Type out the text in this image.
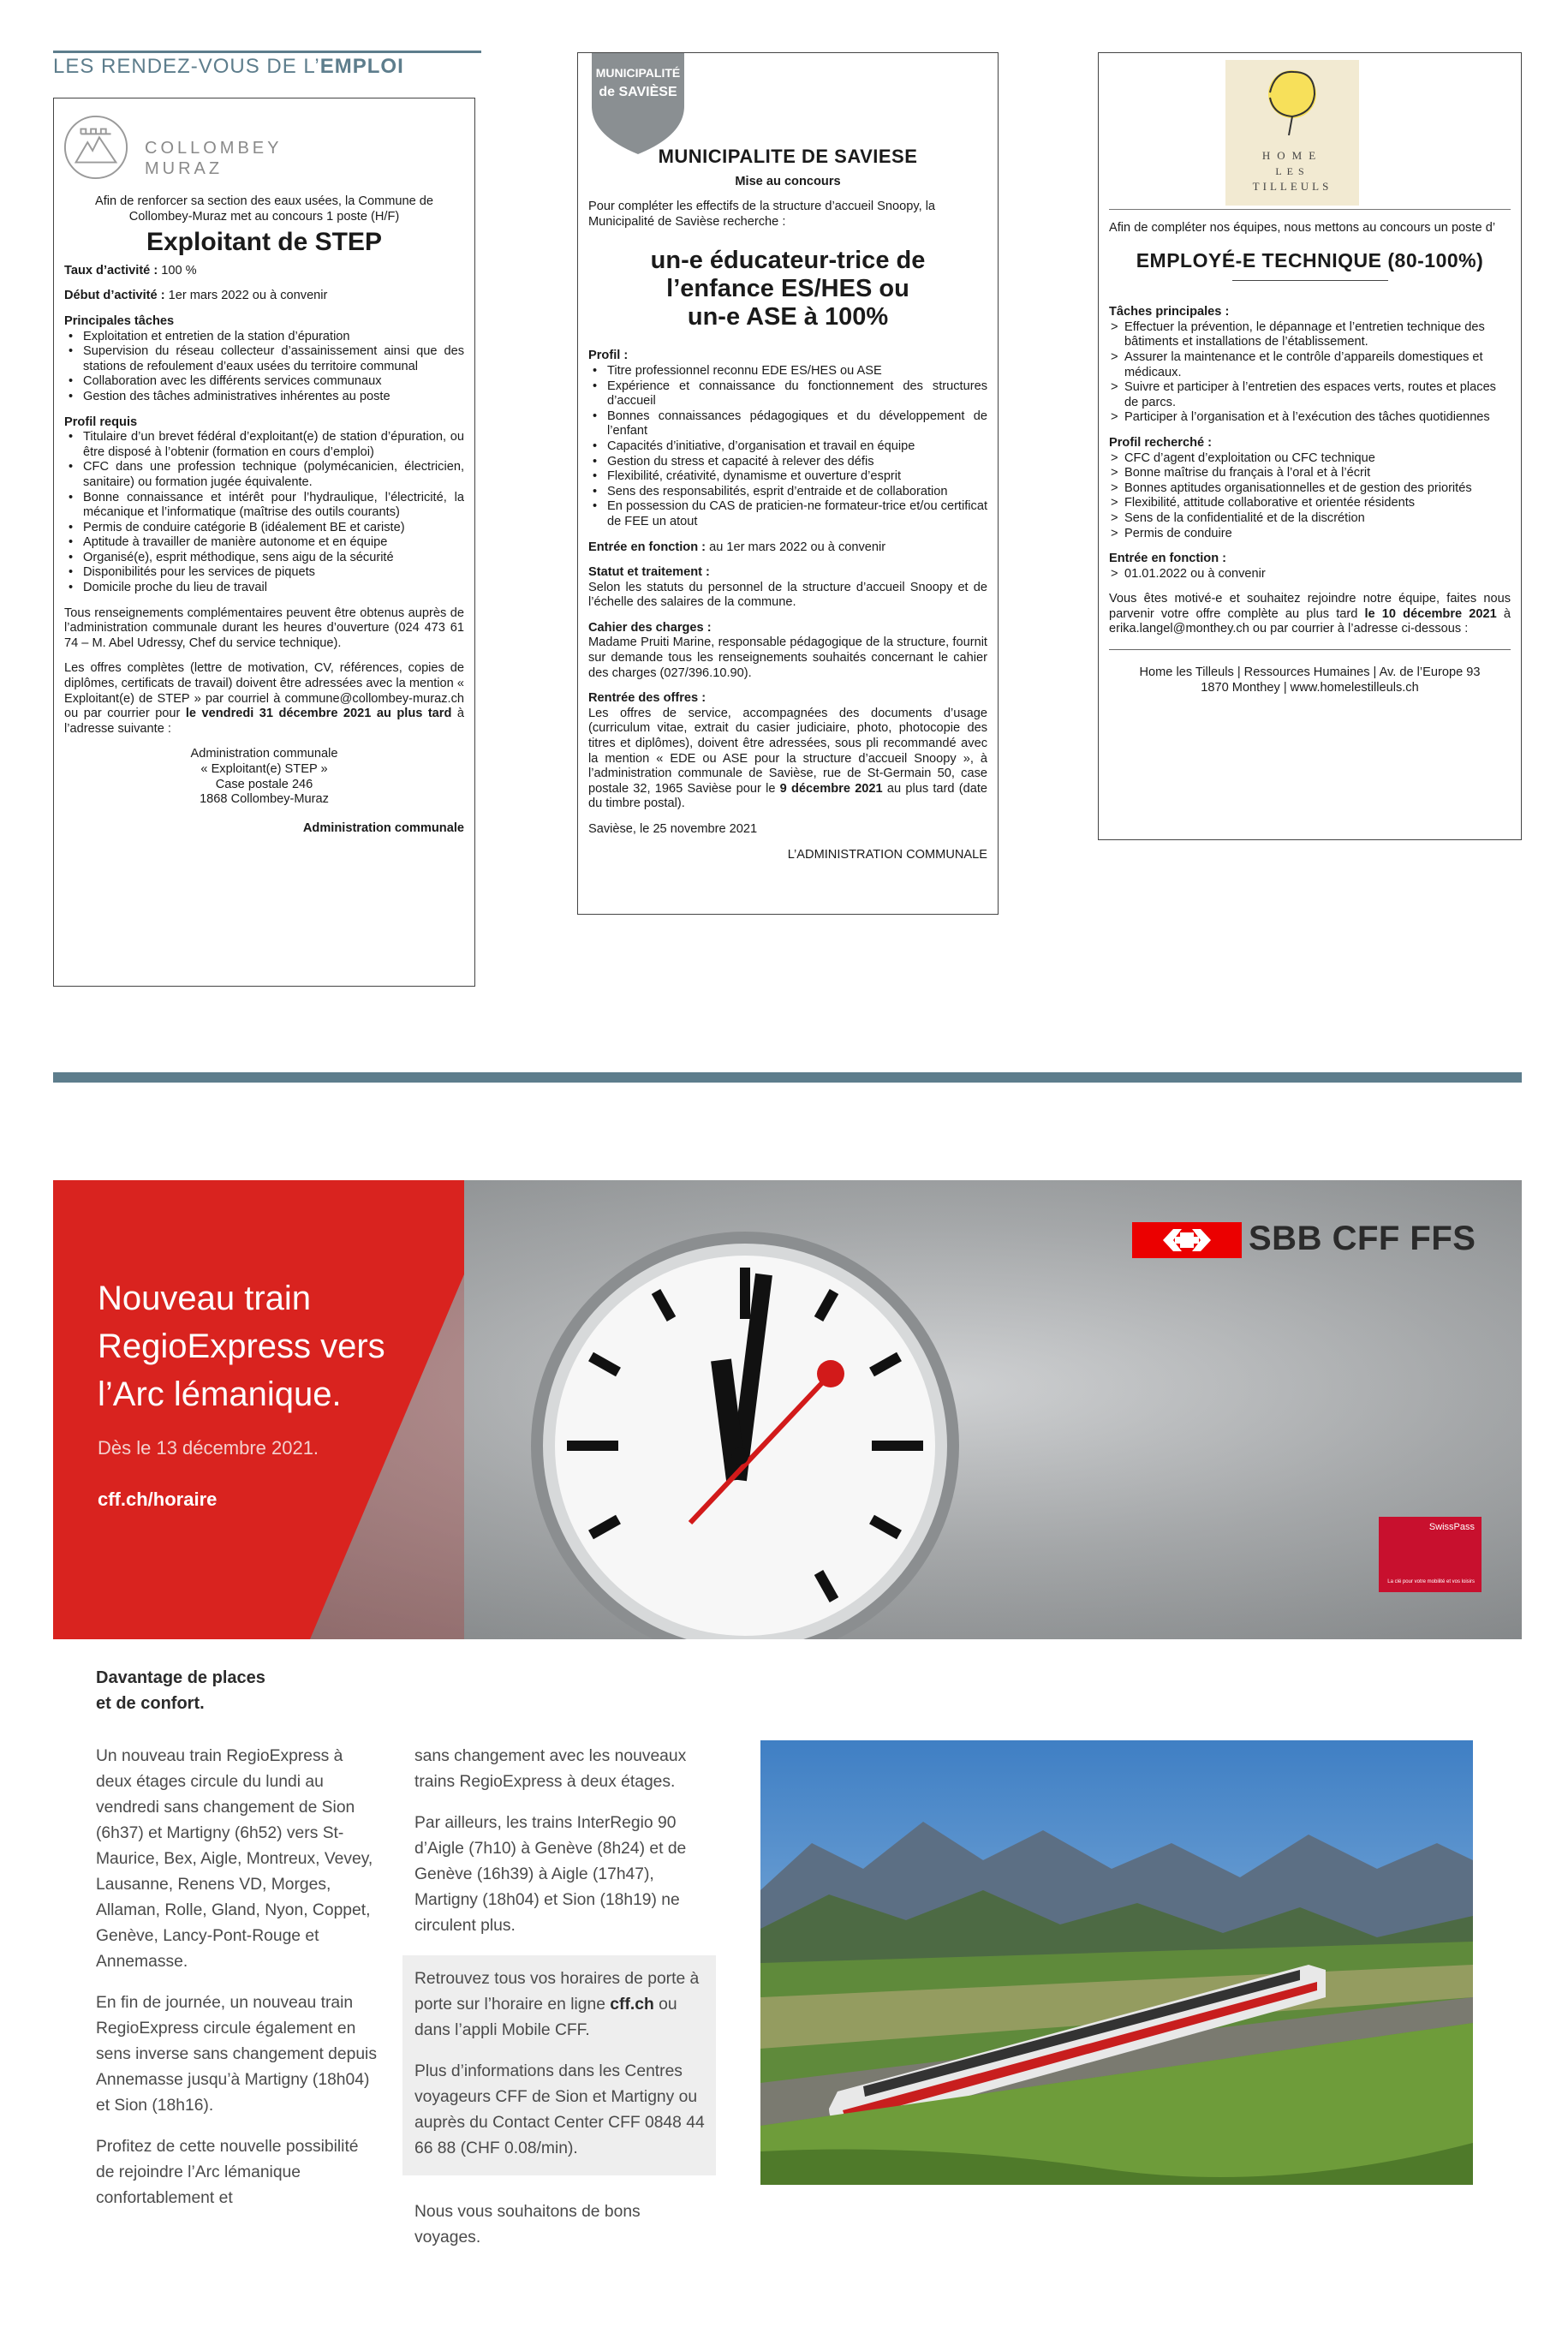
LES RENDEZ-VOUS DE L’EMPLOI
COLLOMBEY
MURAZ

Afin de renforcer sa section des eaux usées, la Commune de Collombey-Muraz met au concours 1 poste (H/F)

Exploitant de STEP

Taux d’activité : 100 %

Début d’activité : 1er mars 2022 ou à convenir

Principales tâches
• Exploitation et entretien de la station d’épuration
• Supervision du réseau collecteur d’assainissement ainsi que des stations de refoulement d’eaux usées du territoire communal
• Collaboration avec les différents services communaux
• Gestion des tâches administratives inhérentes au poste
Profil requis
• Titulaire d’un brevet fédéral d’exploitant(e) de station d’épuration, ou être disposé à l’obtenir (formation en cours d’emploi)
• CFC dans une profession technique (polymécanicien, électricien, sanitaire) ou formation jugée équivalente.
• Bonne connaissance et intérêt pour l’hydraulique, l’électricité, la mécanique et l’informatique (maîtrise des outils courants)
• Permis de conduire catégorie B (idéalement BE et cariste)
• Aptitude à travailler de manière autonome et en équipe
• Organisé(e), esprit méthodique, sens aigu de la sécurité
• Disponibilités pour les services de piquets
• Domicile proche du lieu de travail

Tous renseignements complémentaires peuvent être obtenus auprès de l’administration communale durant les heures d’ouverture (024 473 61 74 – M. Abel Udressy, Chef du service technique).

Les offres complètes (lettre de motivation, CV, références, copies de diplômes, certificats de travail) doivent être adressées avec la mention « Exploitant(e) de STEP » par courriel à commune@collombey-muraz.ch ou par courrier pour le vendredi 31 décembre 2021 au plus tard à l’adresse suivante :

Administration communale
« Exploitant(e) STEP »
Case postale 246
1868 Collombey-Muraz
Administration communale
MUNICIPALITÉ
de SAVIÈSE
MUNICIPALITE DE SAVIESE

Mise au concours

Pour compléter les effectifs de la structure d’accueil Snoopy, la Municipalité de Savièse recherche :

un-e éducateur-trice de
l’enfance ES/HES ou
un-e ASE à 100%
Profil :
• Titre professionnel reconnu EDE ES/HES ou ASE
• Expérience et connaissance du fonctionnement des structures d’accueil
• Bonnes connaissances pédagogiques et du développement de l’enfant
• Capacités d’initiative, d’organisation et travail en équipe
• Gestion du stress et capacité à relever des défis
• Flexibilité, créativité, dynamisme et ouverture d’esprit
• Sens des responsabilités, esprit d’entraide et de collaboration
• En possession du CAS de praticien-ne formateur-trice et/ou certificat de FEE un atout

Entrée en fonction : au 1er mars 2022 ou à convenir

Statut et traitement :

Selon les statuts du personnel de la structure d’accueil Snoopy et de l’échelle des salaires de la commune.

Cahier des charges :

Madame Pruiti Marine, responsable pédagogique de la structure, fournit sur demande tous les renseignements souhaités concernant le cahier des charges (027/396.10.90).

Rentrée des offres :

Les offres de service, accompagnées des documents d’usage (curriculum vitae, extrait du casier judiciaire, photo, photocopie des titres et diplômes), doivent être adressées, sous pli recommandé avec la mention « EDE ou ASE pour la structure d’accueil Snoopy », à l’administration communale de Savièse, rue de St-Germain 50, case postale 32, 1965 Savièse pour le 9 décembre 2021 au plus tard (date du timbre postal).

Savièse, le 25 novembre 2021

L’ADMINISTRATION COMMUNALE
HOME
LES
TILLEULS

Afin de compléter nos équipes, nous mettons au concours un poste d’

EMPLOYÉ-E TECHNIQUE (80-100%)
Tâches principales :
> Effectuer la prévention, le dépannage et l’entretien technique des bâtiments et installations de l’établissement.
> Assurer la maintenance et le contrôle d’appareils domestiques et médicaux.
> Suivre et participer à l’entretien des espaces verts, routes et places de parcs.
> Participer à l’organisation et à l’exécution des tâches quotidiennes
Profil recherché :
> CFC d’agent d’exploitation ou CFC technique
> Bonne maîtrise du français à l’oral et à l’écrit
> Bonnes aptitudes organisationnelles et de gestion des priorités
> Flexibilité, attitude collaborative et orientée résidents
> Sens de la confidentialité et de la discrétion
> Permis de conduire
Entrée en fonction :
> 01.01.2022 ou à convenir

Vous êtes motivé-e et souhaitez rejoindre notre équipe, faites nous parvenir votre offre complète au plus tard le 10 décembre 2021 à erika.langel@monthey.ch ou par courrier à l’adresse ci-dessous :

Home les Tilleuls | Ressources Humaines | Av. de l’Europe 93
1870 Monthey | www.homelestilleuls.ch
Nouveau train
RegioExpress vers
l’Arc lémanique.
Dès le 13 décembre 2021.
cff.ch/horaire
SBB CFF FFS
SwissPass
La clé pour votre mobilité et vos loisirs
Davantage de places
et de confort.

Un nouveau train RegioExpress à deux étages circule du lundi au vendredi sans changement de Sion (6h37) et Martigny (6h52) vers St-Maurice, Bex, Aigle, Montreux, Vevey, Lausanne, Renens VD, Morges, Allaman, Rolle, Gland, Nyon, Coppet, Genève, Lancy-Pont-Rouge et Annemasse.

En fin de journée, un nouveau train RegioExpress circule également en sens inverse sans changement depuis Annemasse jusqu’à Martigny (18h04) et Sion (18h16).

Profitez de cette nouvelle possibilité de rejoindre l’Arc lémanique confortablement et

sans changement avec les nouveaux trains RegioExpress à deux étages.

Par ailleurs, les trains InterRegio 90 d’Aigle (7h10) à Genève (8h24) et de Genève (16h39) à Aigle (17h47), Martigny (18h04) et Sion (18h19) ne circulent plus.

Retrouvez tous vos horaires de porte à porte sur l’horaire en ligne cff.ch ou dans l’appli Mobile CFF.

Plus d’informations dans les Centres voyageurs CFF de Sion et Martigny ou auprès du Contact Center CFF 0848 44 66 88 (CHF 0.08/min).

Nous vous souhaitons de bons voyages.
